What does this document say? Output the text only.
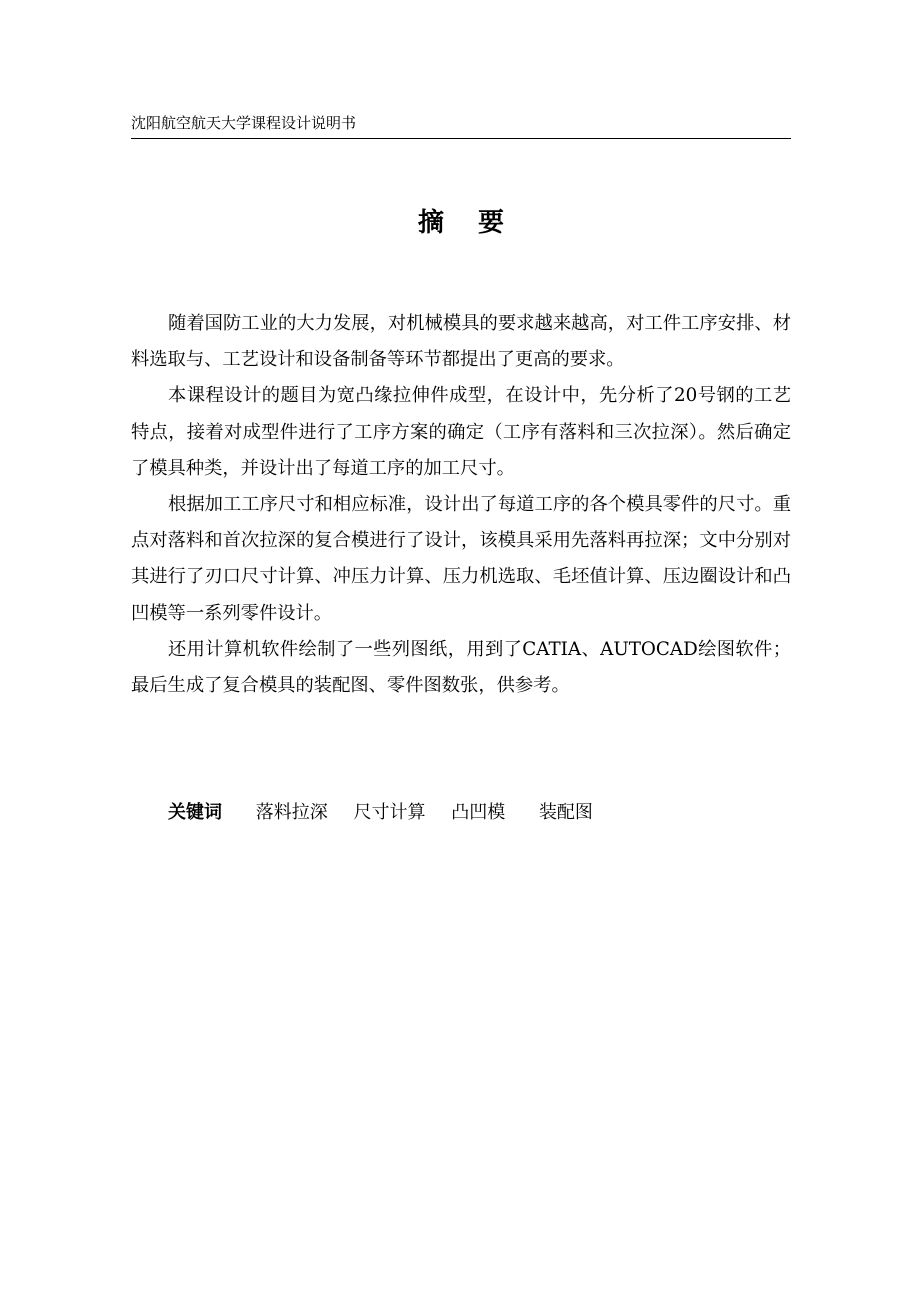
沈阳航空航天大学课程设计说明书
摘要

随着国防工业的大力发展，对机械模具的要求越来越高，对工件工序安排、材料选取与、工艺设计和设备制备等环节都提出了更高的要求。

本课程设计的题目为宽凸缘拉伸件成型，在设计中，先分析了20号钢的工艺特点，接着对成型件进行了工序方案的确定（工序有落料和三次拉深）。然后确定了模具种类，并设计出了每道工序的加工尺寸。

根据加工工序尺寸和相应标准，设计出了每道工序的各个模具零件的尺寸。重点对落料和首次拉深的复合模进行了设计，该模具采用先落料再拉深；文中分别对其进行了刃口尺寸计算、冲压力计算、压力机选取、毛坯值计算、压边圈设计和凸凹模等一系列零件设计。

还用计算机软件绘制了一些列图纸，用到了CATIA、AUTOCAD绘图软件；最后生成了复合模具的装配图、零件图数张，供参考。

关键词 落料拉深 尺寸计算 凸凹模 装配图
